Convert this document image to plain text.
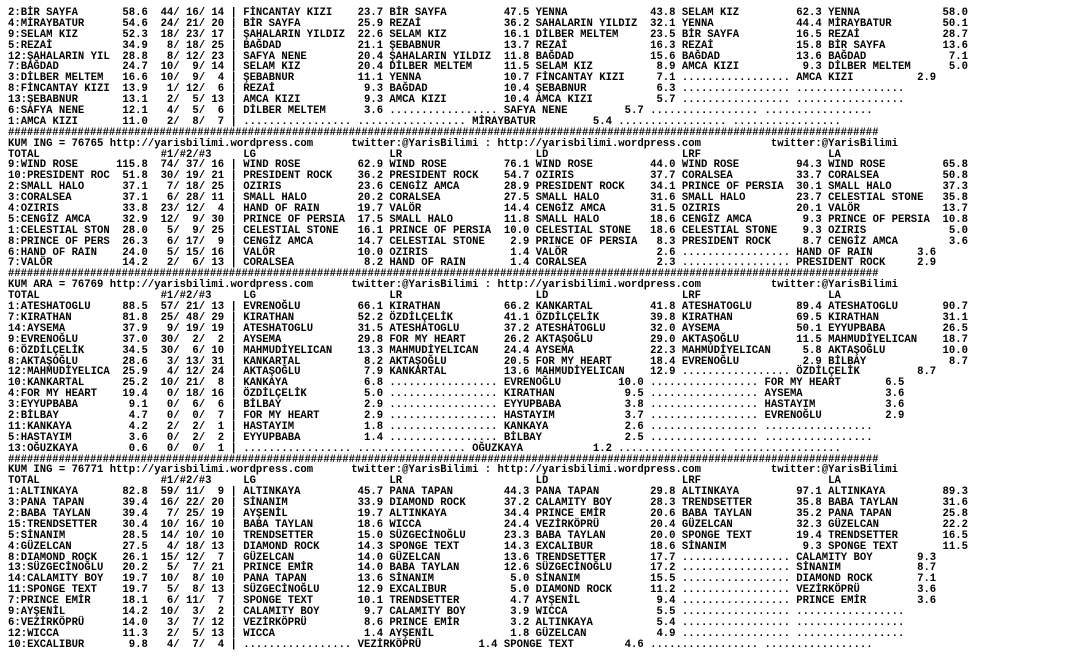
2:BİR SAYFA       58.6  44/ 16/ 14 | FİNCANTAY KIZI    23.7 BİR SAYFA         47.5 YENNA             43.8 SELAM KIZ         62.3 YENNA             58.0
4:MİRAYBATUR      54.6  24/ 21/ 20 | BİR SAYFA         25.9 REZAİ             36.2 SAHALARIN YILDIZ  32.1 YENNA             44.4 MİRAYBATUR        50.1
9:SELAM KIZ       52.3  18/ 23/ 17 | ŞAHALARIN YILDIZ  22.6 SELAM KIZ         16.1 DİLBER MELTEM     23.5 BİR SAYFA         16.5 REZAİ             28.7
5:REZAİ           34.9   8/ 18/ 25 | BAĞDAD            21.1 ŞEBABNUR          13.7 REZAİ             16.3 REZAİ             15.8 BİR SAYFA         13.6
12:ŞAHALARIN YIL  28.8   8/ 12/ 23 | SAFYA NENE        20.4 ŞAHALARIN YILDIZ  11.8 BAĞDAD            15.6 BAĞDAD            13.6 BAĞDAD             7.1
7:BAĞDAD          24.7  10/  9/ 14 | SELAM KIZ         20.4 DİLBER MELTEM     11.5 SELAM KIZ          8.9 AMCA KIZI          9.3 DİLBER MELTEM      5.0
3:DİLBER MELTEM   16.6  10/  9/  4 | ŞEBABNUR          11.1 YENNA             10.7 FİNCANTAY KIZI     7.1 ................. AMCA KIZI          2.9
8:FİNCANTAY KIZI  13.9   1/ 12/  6 | REZAİ              9.3 BAĞDAD            10.4 ŞEBABNUR           6.3 ................. .................
13:ŞEBABNUR       13.1   2/  5/ 13 | AMCA KIZI          9.3 AMCA KIZI         10.4 AMCA KIZI          5.7 ................. .................
6:SAFYA NENE      12.1   4/  5/  6 | DİLBER MELTEM      3.6 ................. SAFYA NENE         5.7 ................. .................
1:AMCA KIZI       11.0   2/  8/  7 | ................. ................. MİRAYBATUR         5.4 ................. .................
##########################################################################################################################################
KUM ING = 76765 http://yarisbilimi.wordpress.com      twitter:@YarisBilimi : http://yarisbilimi.wordpress.com           twitter:@YarisBilimi
TOTAL                   #1/#2/#3     LG                     LR                     LD                     LRF                    LA
9:WIND ROSE      115.8  74/ 37/ 16 | WIND ROSE         62.9 WIND ROSE         76.1 WIND ROSE         44.0 WIND ROSE         94.3 WIND ROSE         65.8
10:PRESIDENT ROC  51.8  30/ 19/ 21 | PRESIDENT ROCK    36.2 PRESIDENT ROCK    54.7 OZIRIS            37.7 CORALSEA          33.7 CORALSEA          50.8
2:SMALL HALO      37.1   7/ 18/ 25 | OZIRIS            23.6 CENGİZ AMCA       28.9 PRESIDENT ROCK    34.1 PRINCE OF PERSIA  30.1 SMALL HALO        37.3
3:CORALSEA        37.1   6/ 28/ 11 | SMALL HALO        20.2 CORALSEA          27.5 SMALL HALO        31.6 SMALL HALO        23.7 CELESTIAL STONE   35.8
4:OZIRIS          33.8  23/ 12/  4 | HAND OF RAIN      19.7 VALÖR             14.4 CENGİZ AMCA       31.5 OZIRIS            20.1 VALÖR             13.7
5:CENGİZ AMCA     32.9  12/  9/ 30 | PRINCE OF PERSIA  17.5 SMALL HALO        11.8 SMALL HALO        18.6 CENGİZ AMCA        9.3 PRINCE OF PERSIA  10.8
1:CELESTIAL STON  28.0   5/  9/ 25 | CELESTIAL STONE   16.1 PRINCE OF PERSIA  10.0 CELESTIAL STONE   18.6 CELESTIAL STONE    9.3 OZIRIS             5.0
8:PRINCE OF PERS  26.3   6/ 17/  9 | CENGİZ AMCA       14.7 CELESTIAL STONE    2.9 PRINCE OF PERSIA   8.3 PRESIDENT ROCK     8.7 CENGİZ AMCA        3.6
6:HAND OF RAIN    24.0   5/ 15/ 16 | VALÖR             10.0 OZIRIS             1.4 VALÖR              2.6 ................. HAND OF RAIN       3.6
7:VALÖR           14.2   2/  6/ 13 | CORALSEA           8.2 HAND OF RAIN       1.4 CORALSEA           2.3 ................. PRESIDENT ROCK     2.9
##########################################################################################################################################
KUM ARA = 76769 http://yarisbilimi.wordpress.com      twitter:@YarisBilimi : http://yarisbilimi.wordpress.com           twitter:@YarisBilimi
TOTAL                   #1/#2/#3     LG                     LR                     LD                     LRF                    LA
1:ATESHATOGLU     88.5  57/ 21/ 13 | EVRENOĞLU         66.1 KIRATHAN          66.2 KANKARTAL         41.8 ATESHATOGLU       89.4 ATESHATOGLU       90.7
7:KIRATHAN        81.8  25/ 48/ 29 | KIRATHAN          52.2 ÖZDİLÇELİK        41.1 ÖZDİLÇELİK        39.8 KIRATHAN          69.5 KIRATHAN          31.1
14:AYSEMA         37.9   9/ 19/ 19 | ATESHATOGLU       31.5 ATESHATOGLU       37.2 ATESHATOGLU       32.0 AYSEMA            50.1 EYYUPBABA         26.5
9:EVRENOĞLU       37.0  30/  2/  2 | AYSEMA            29.8 FOR MY HEART      26.2 AKTAŞOĞLU         29.0 AKTAŞOĞLU         11.5 MAHMUDİYELICAN    18.7
6:ÖZDİLÇELİK      34.5  30/  6/ 10 | MAHMUDİYELICAN    13.3 MAHMUDİYELICAN    24.4 AYSEMA            22.3 MAHMUDİYELICAN     5.8 AKTAŞOĞLU         10.0
8:AKTAŞOĞLU       28.6   3/ 13/ 31 | KANKARTAL          8.2 AKTAŞOĞLU         20.5 FOR MY HEART      18.4 EVRENOĞLU          2.9 BİLBAY             8.7
12:MAHMUDİYELICA  25.9   4/ 12/ 24 | AKTAŞOĞLU          7.9 KANKARTAL         13.6 MAHMUDİYELICAN    12.9 ................. ÖZDİLÇELİK         8.7
10:KANKARTAL      25.2  10/ 21/  8 | KANKAYA            6.8 ................. EVRENOĞLU         10.0 ................. FOR MY HEART       6.5
4:FOR MY HEART    19.4   0/ 18/ 16 | ÖZDİLÇELİK         5.0 ................. KIRATHAN           9.5 ................. AYSEMA             3.6
3:EYYUPBABA        9.1   0/  6/  6 | BİLBAY             2.9 ................. EYYUPBABA          3.8 ................. HASTAYIM           3.6
2:BİLBAY           4.7   0/  0/  7 | FOR MY HEART       2.9 ................. HASTAYIM           3.7 ................. EVRENOĞLU          2.9
11:KANKAYA         4.2   2/  2/  1 | HASTAYIM           1.8 ................. KANKAYA            2.6 ................. .................
5:HASTAYIM         3.6   0/  2/  2 | EYYUPBABA          1.4 ................. BİLBAY             2.5 ................. .................
13:OĞUZKAYA        0.6   0/  0/  1 | ................. ................. OĞUZKAYA           1.2 ................. .................
##########################################################################################################################################
KUM ING = 76771 http://yarisbilimi.wordpress.com      twitter:@YarisBilimi : http://yarisbilimi.wordpress.com           twitter:@YarisBilimi
TOTAL                   #1/#2/#3     LG                     LR                     LD                     LRF                    LA
1:ALTINKAYA       82.8  59/ 11/  9 | ALTINKAYA         45.7 PANA TAPAN        44.3 PANA TAPAN        29.8 ALTINKAYA         97.1 ALTINKAYA         89.3
3:PANA TAPAN      39.4  16/ 22/ 20 | SİNANIM           33.9 DIAMOND ROCK      37.2 CALAMITY BOY      28.3 TRENDSETTER       35.8 BABA TAYLAN       31.6
2:BABA TAYLAN     39.4   7/ 25/ 19 | AYŞENİL           19.7 ALTINKAYA         34.4 PRINCE EMİR       20.6 BABA TAYLAN       35.2 PANA TAPAN        25.8
15:TRENDSETTER    30.4  10/ 16/ 10 | BABA TAYLAN       18.6 WICCA             24.4 VEZİRKÖPRÜ        20.4 GÜZELCAN          32.3 GÜZELCAN          22.2
5:SİNANIM         28.5  14/ 10/ 10 | TRENDSETTER       15.0 SÜZGECİNOĞLU      23.3 BABA TAYLAN       20.0 SPONGE TEXT       19.4 TRENDSETTER       16.5
4:GÜZELCAN        27.5   4/ 18/ 13 | DIAMOND ROCK      14.3 SPONGE TEXT       14.3 EXCALIBUR         18.6 SİNANIM            9.3 SPONGE TEXT       11.5
8:DIAMOND ROCK    26.1  15/ 12/  7 | GÜZELCAN          14.0 GÜZELCAN          13.6 TRENDSETTER       17.7 ................. CALAMITY BOY       9.3
13:SÜZGECİNOĞLU   20.2   5/  7/ 21 | PRINCE EMİR       14.0 BABA TAYLAN       12.6 SÜZGECİNOĞLU      17.2 ................. SİNANIM            8.7
14:CALAMITY BOY   19.7  10/  8/ 10 | PANA TAPAN        13.6 SİNANIM            5.0 SİNANIM           15.5 ................. DIAMOND ROCK       7.1
11:SPONGE TEXT    19.7   5/  8/ 13 | SÜZGECİNOĞLU      12.9 EXCALIBUR          5.0 DIAMOND ROCK      11.2 ................. VEZİRKÖPRÜ         3.6
7:PRINCE EMİR     18.1   6/ 11/  7 | SPONGE TEXT       10.1 TRENDSETTER        4.7 AYŞENİL            9.4 ................. PRINCE EMİR        3.6
9:AYŞENİL         14.2  10/  3/  2 | CALAMITY BOY       9.7 CALAMITY BOY       3.9 WICCA              5.5 ................. .................
6:VEZİRKÖPRÜ      14.0   3/  7/ 12 | VEZİRKÖPRÜ         8.6 PRINCE EMİR        3.2 ALTINKAYA          5.4 ................. .................
12:WICCA          11.3   2/  5/ 13 | WICCA              1.4 AYŞENİL            1.8 GÜZELCAN           4.9 ................. .................
10:EXCALIBUR       9.8   4/  7/  4 | ................. VEZİRKÖPRÜ         1.4 SPONGE TEXT        4.6 ................. .................
